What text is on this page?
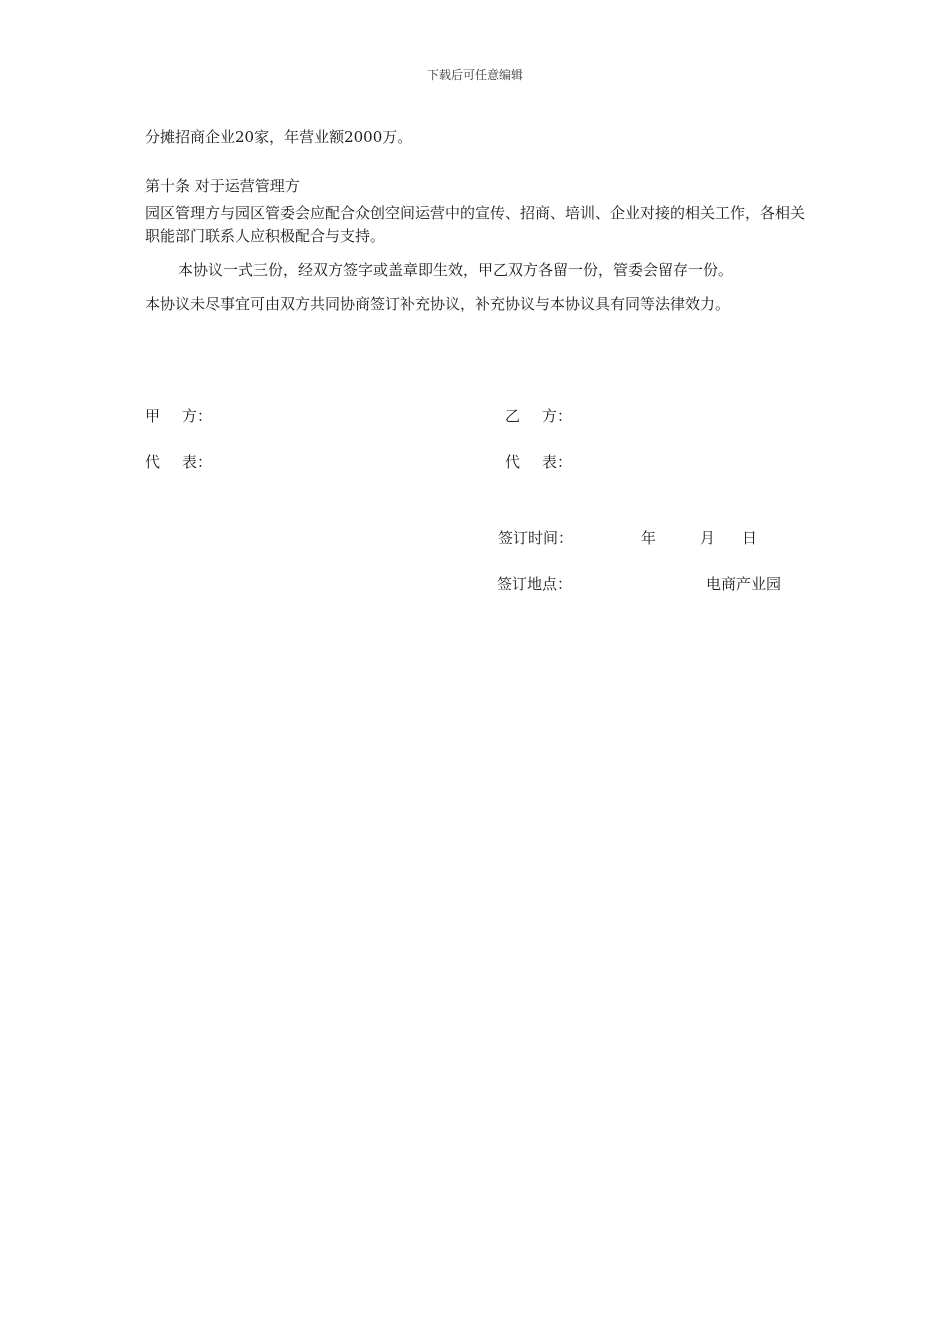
下载后可任意编辑
分摊招商企业20家，年营业额2000万。
第十条 对于运营管理方
园区管理方与园区管委会应配合众创空间运营中的宣传、招商、培训、企业对接的相关工作，各相关职能部门联系人应积极配合与支持。
本协议一式三份，经双方签字或盖章即生效，甲乙双方各留一份，管委会留存一份。
本协议未尽事宜可由双方共同协商签订补充协议，补充协议与本协议具有同等法律效力。
甲 方：	乙 方：
代 表：	代 表：
签订时间：	年	月 日
签订地点：	电商产业园
